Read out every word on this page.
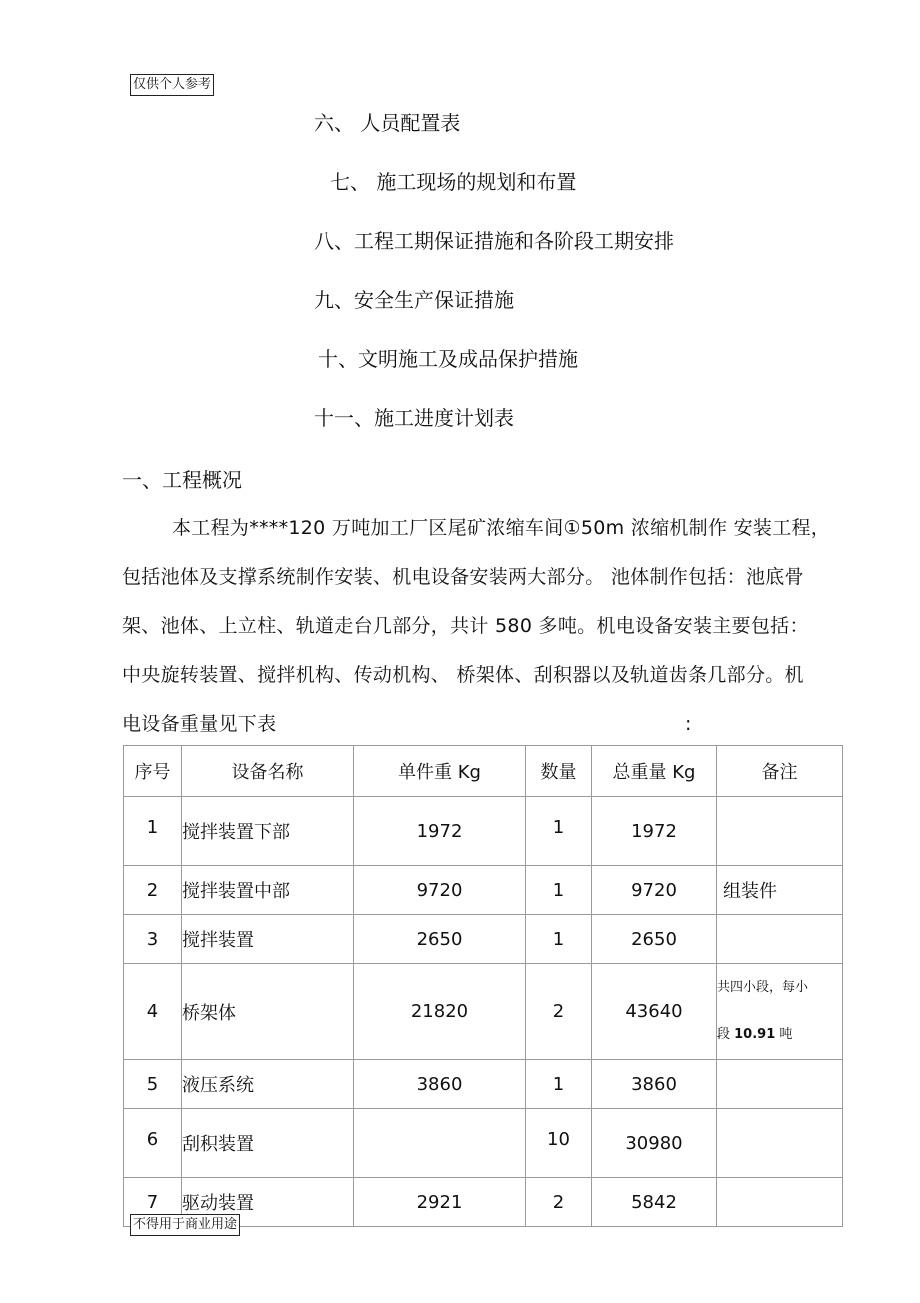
仅供个人参考
六、 人员配置表
七、 施工现场的规划和布置
八、工程工期保证措施和各阶段工期安排
九、安全生产保证措施
十、文明施工及成品保护措施
十一、施工进度计划表
一、工程概况
本工程为****120 万吨加工厂区尾矿浓缩车间①50m 浓缩机制作 安装工程，
包括池体及支撑系统制作安装、机电设备安装两大部分。 池体制作包括：池底骨
架、池体、上立柱、轨道走台几部分，共计 580 多吨。机电设备安装主要包括：
中央旋转装置、搅拌机构、传动机构、 桥架体、刮积器以及轨道齿条几部分。机
电设备重量见下表	:
序号	设备名称	单件重 Kg	数量	总重量 Kg	备注
1	搅拌装置下部	1972	1	1972	
2	搅拌装置中部	9720	1	9720	组装件
3	搅拌装置	2650	1	2650	
4	桥架体	21820	2	43640	共四小段，每小
段 10.91 吨

5	液压系统	3860	1	3860	
6	刮积装置		10	30980	
7	驱动装置	2921	2	5842	
不得用于商业用途
